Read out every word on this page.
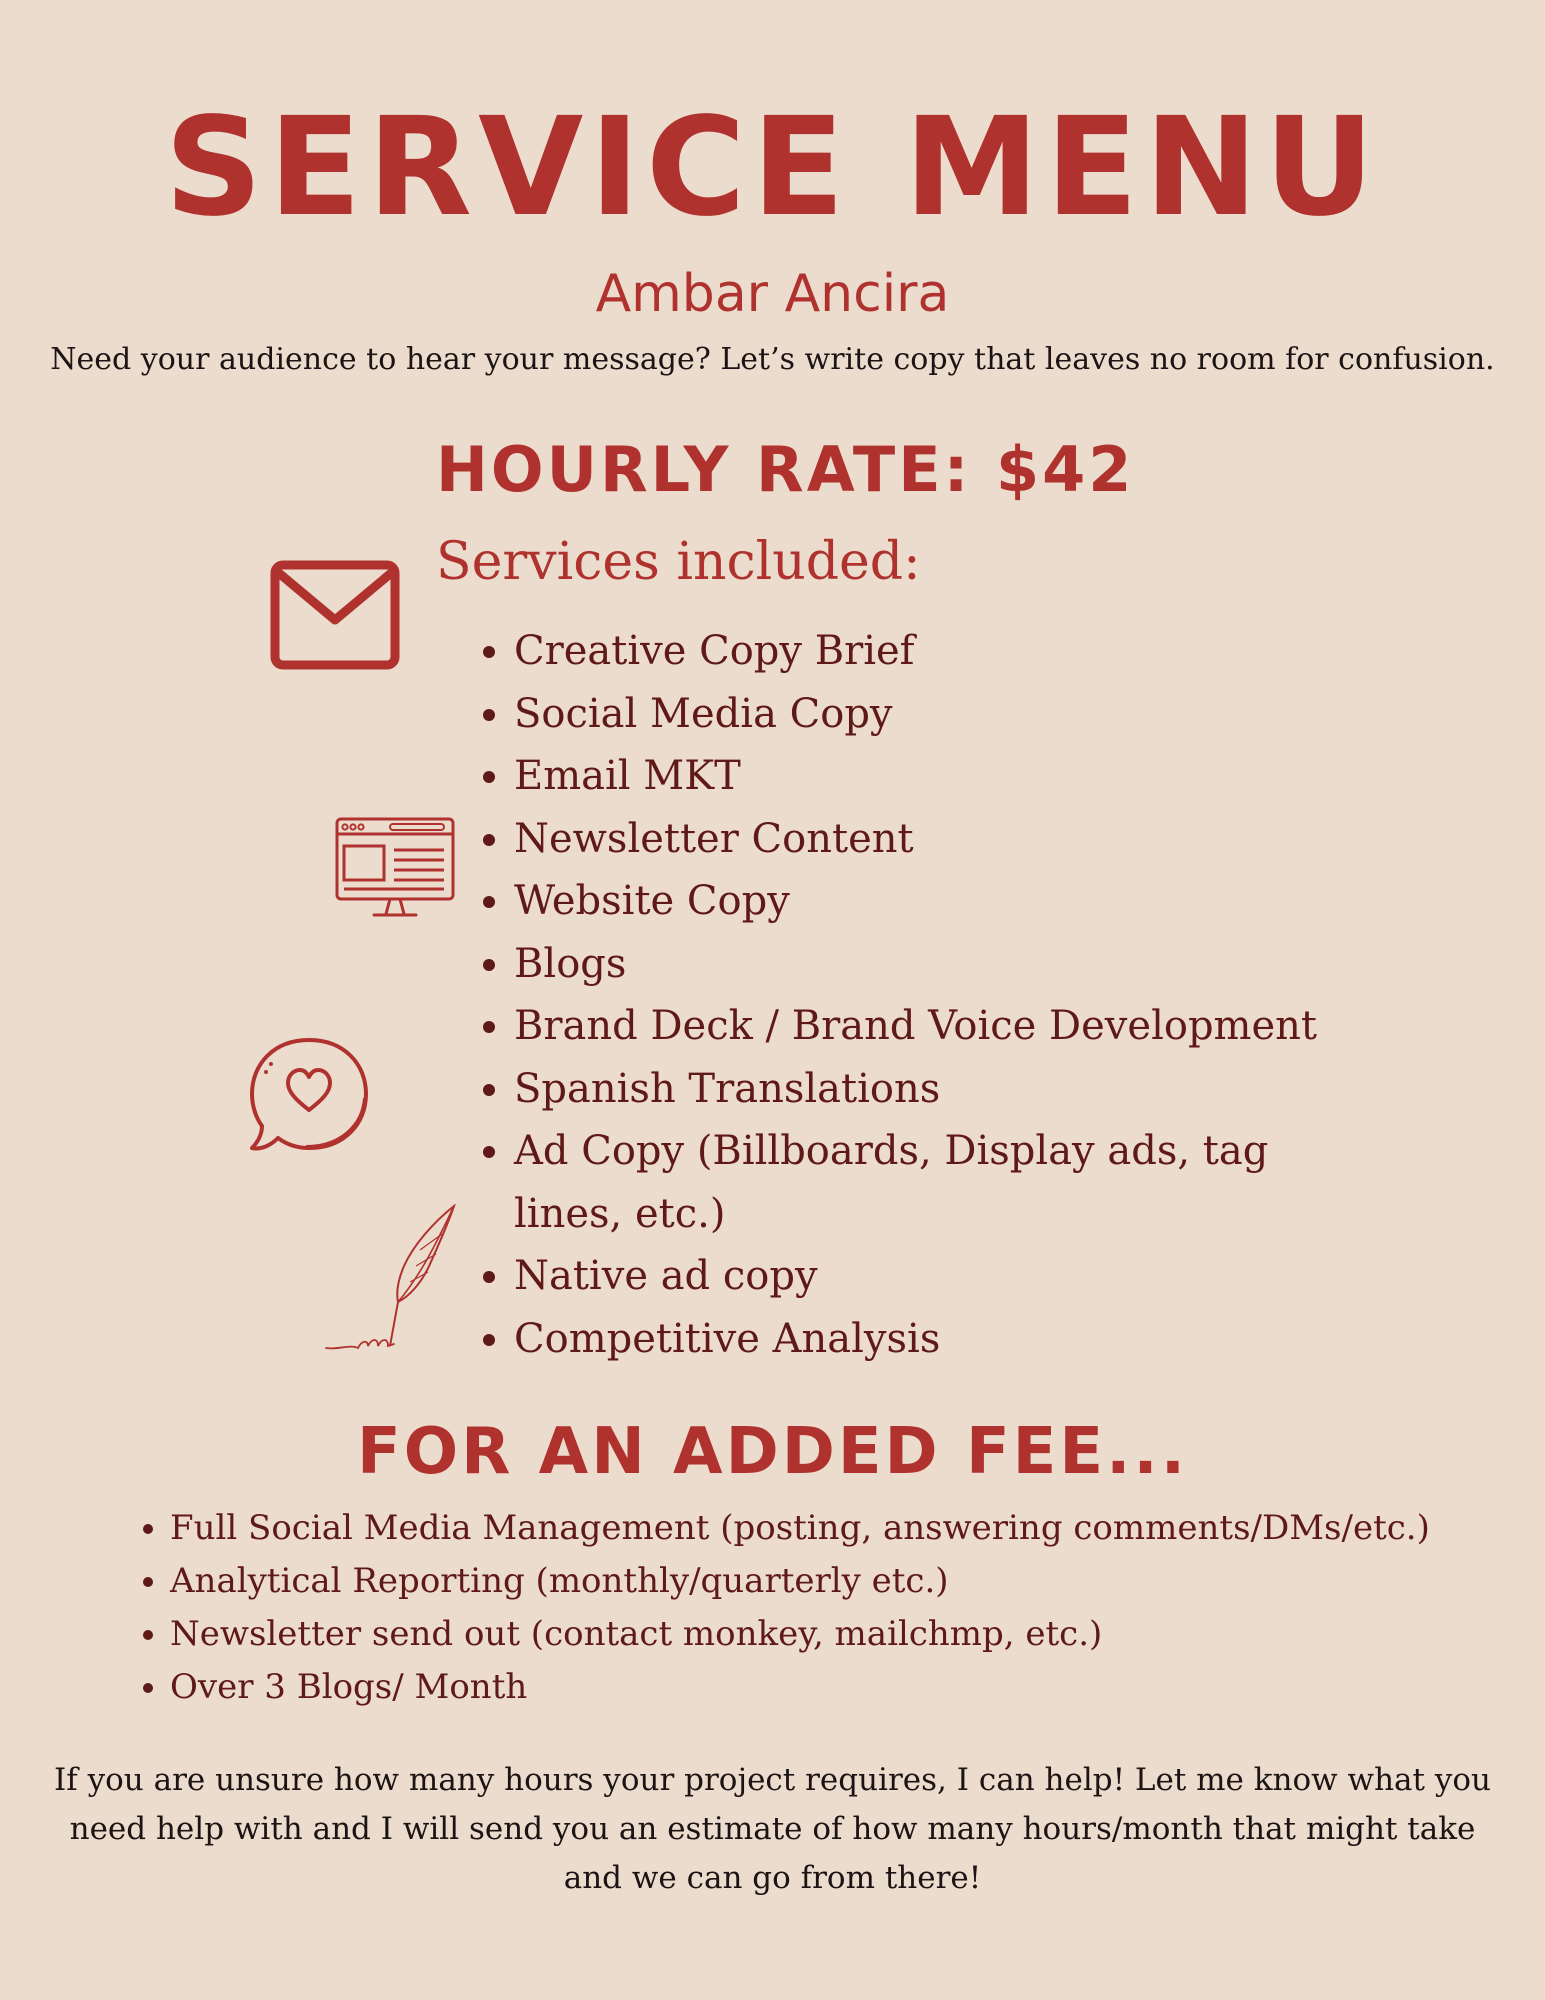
SERVICE MENU
Ambar Ancira
Need your audience to hear your message? Let’s write copy that leaves no room for confusion.
HOURLY RATE: $42
Services included:
• Creative Copy Brief
• Social Media Copy
• Email MKT
• Newsletter Content
• Website Copy
• Blogs
• Brand Deck / Brand Voice Development
• Spanish Translations
• Ad Copy (Billboards, Display ads, tag lines, etc.)
• Native ad copy
• Competitive Analysis
FOR AN ADDED FEE...
• Full Social Media Management (posting, answering comments/DMs/etc.)
• Analytical Reporting (monthly/quarterly etc.)
• Newsletter send out (contact monkey, mailchmp, etc.)
• Over 3 Blogs/ Month
If you are unsure how many hours your project requires, I can help! Let me know what you need help with and I will send you an estimate of how many hours/month that might take and we can go from there!
